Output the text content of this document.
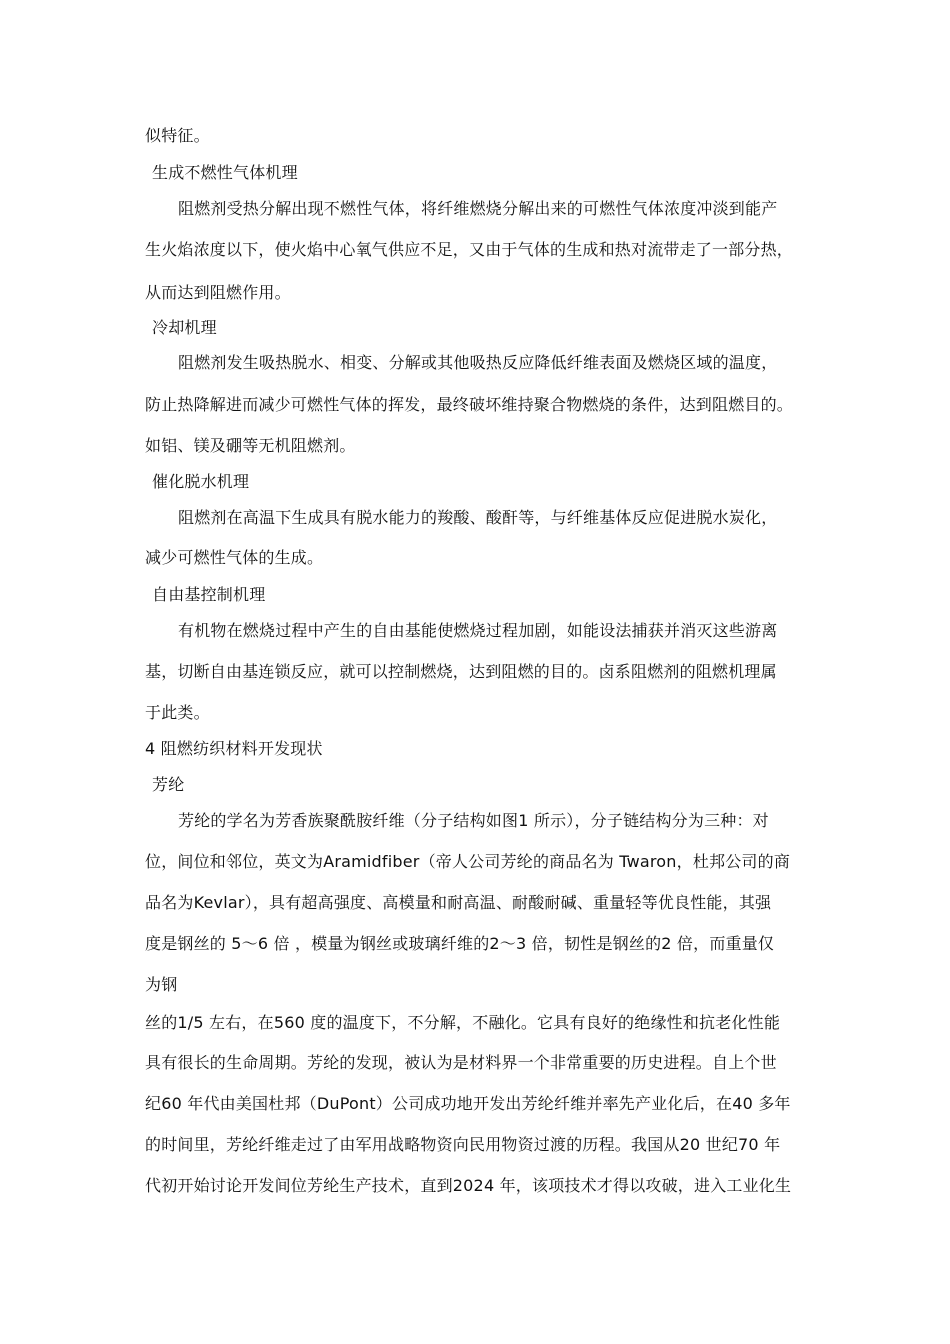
似特征。
生成不燃性气体机理
阻燃剂受热分解出现不燃性气体，将纤维燃烧分解出来的可燃性气体浓度冲淡到能产
生火焰浓度以下，使火焰中心氧气供应不足，又由于气体的生成和热对流带走了一部分热，
从而达到阻燃作用。
冷却机理
阻燃剂发生吸热脱水、相变、分解或其他吸热反应降低纤维表面及燃烧区域的温度，
防止热降解进而减少可燃性气体的挥发，最终破坏维持聚合物燃烧的条件，达到阻燃目的。
如铝、镁及硼等无机阻燃剂。
催化脱水机理
阻燃剂在高温下生成具有脱水能力的羧酸、酸酐等，与纤维基体反应促进脱水炭化，
减少可燃性气体的生成。
自由基控制机理
有机物在燃烧过程中产生的自由基能使燃烧过程加剧，如能设法捕获并消灭这些游离
基，切断自由基连锁反应，就可以控制燃烧，达到阻燃的目的。卤系阻燃剂的阻燃机理属
于此类。
4 阻燃纺织材料开发现状
芳纶
芳纶的学名为芳香族聚酰胺纤维（分子结构如图1 所示），分子链结构分为三种：对
位，间位和邻位，英文为Aramidfiber（帝人公司芳纶的商品名为 Twaron，杜邦公司的商
品名为Kevlar），具有超高强度、高模量和耐高温、耐酸耐碱、重量轻等优良性能，其强
度是钢丝的 5～6 倍 ，模量为钢丝或玻璃纤维的2～3 倍，韧性是钢丝的2 倍，而重量仅
为钢
丝的1/5 左右，在560 度的温度下，不分解，不融化。它具有良好的绝缘性和抗老化性能
具有很长的生命周期。芳纶的发现，被认为是材料界一个非常重要的历史进程。自上个世
纪60 年代由美国杜邦（DuPont）公司成功地开发出芳纶纤维并率先产业化后，在40 多年
的时间里，芳纶纤维走过了由军用战略物资向民用物资过渡的历程。我国从20 世纪70 年
代初开始讨论开发间位芳纶生产技术，直到2024 年，该项技术才得以攻破，进入工业化生
